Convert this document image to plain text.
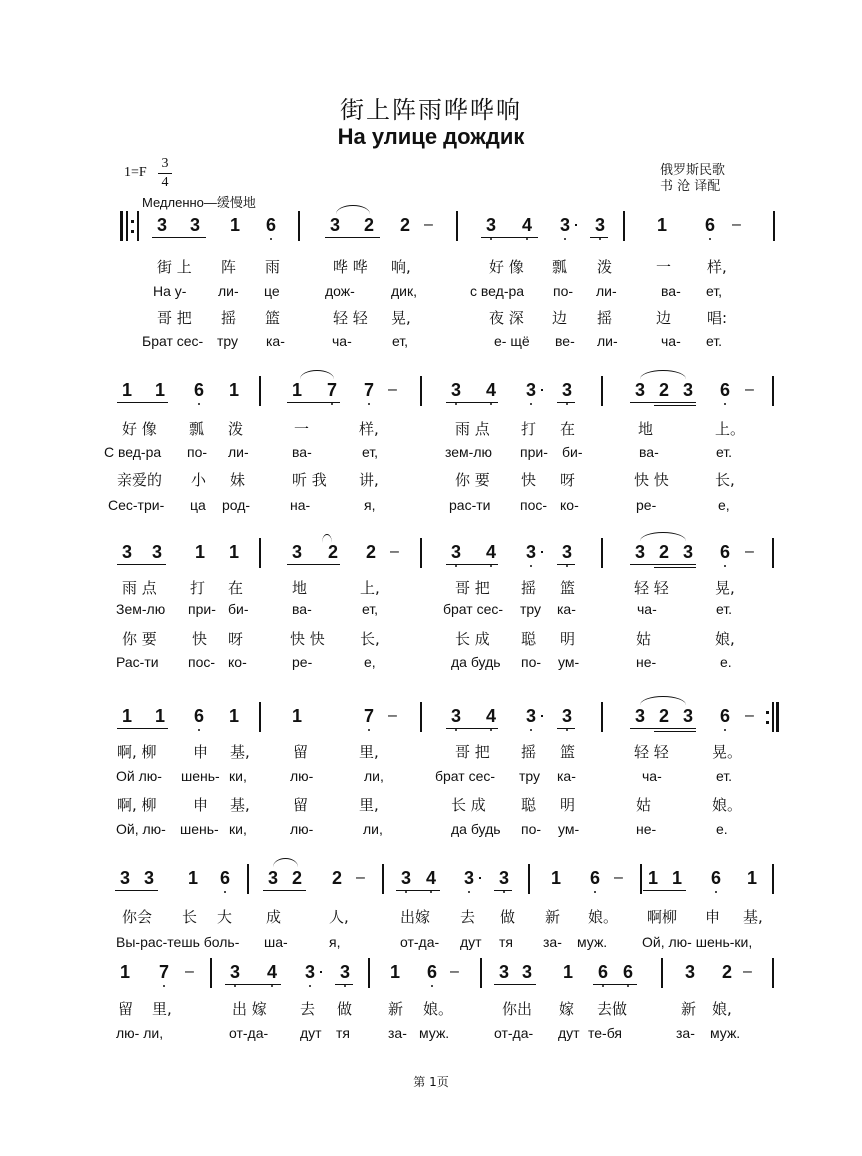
街上阵雨哗哗响
На улице дождик
1=F
3
4
Медленно—缓慢地
俄罗斯民歌
书 沧 译配
3 3 1 6	3 2 2	3 4 3 3	1 6
–	–
街 上 阵 雨	哗 哗 响,	好 像 瓢 泼	一 样,
На у- ли- це	дож-	дик,	с вед-ра по- ли-	ва- ет,
哥 把 摇 篮	轻 轻 晃,	夜 深 边 摇	边 唱:
Брат сес- тру ка-	ча-	ет,	е- щё ве- ли-	ча- ет.
1 1 6 1	1 7 7	3 4 3 3	3 2 3 6
–	–
好 像 瓢 泼	一	样,	雨 点 打 在	地	上。
С вед-ра по- ли-	ва-	ет,	зем-лю при- би-	ва-	ет.
亲爱的 小 妹	听 我 讲,	你 要 快 呀	快 快	长,
Сес-три- ца род-	на-	я,	рас-ти пос- ко-	ре-	е,
3 3 1 1	3 2 2	3 4 3 3	3 2 3 6
–	–
雨 点 打 在	地	上,	哥 把 摇 篮	轻 轻	晃,
Зем-лю при- би-	ва-	ет,	брат сес- тру ка-	ча-	ет.
你 要 快 呀	快 快 长,	长 成 聪 明	姑	娘,
Рас-ти пос- ко-	ре-	е,	да будь по- ум-	не-	е.
1 1 6 1	1	7	3 4 3 3	3 2 3 6
–	–
啊, 柳 申 基,	留	里,	哥 把 摇 篮	轻 轻	晃。
Ой лю- шень- ки,	лю-	ли,	брат сес- тру ка-	ча-	ет.
啊, 柳 申 基,	留	里,	长 成 聪 明	姑	娘。
Ой, лю- шень- ки,	лю-	ли,	да будь по- ум-	не-	е.
3 3 1 6 3 2 2	3 4 3 3 1 6	1 1 6 1
–	–
你会 长 大 成	人,	出嫁 去 做 新 娘。 啊柳 申 基,
Вы-рас-тешь боль- ша-	я,	от-да- дут тя за- муж. Ой, лю- шень-ки,
1 7	3 4 3 3 1 6	3 3 1 6 6	3 2
–	–	–
留 里,	出 嫁 去 做 新 娘。	你出 嫁 去做	新 娘,
лю- ли,	от-да- дут тя	за- муж.	от-да- дут те-бя	за- муж.
第 1页
